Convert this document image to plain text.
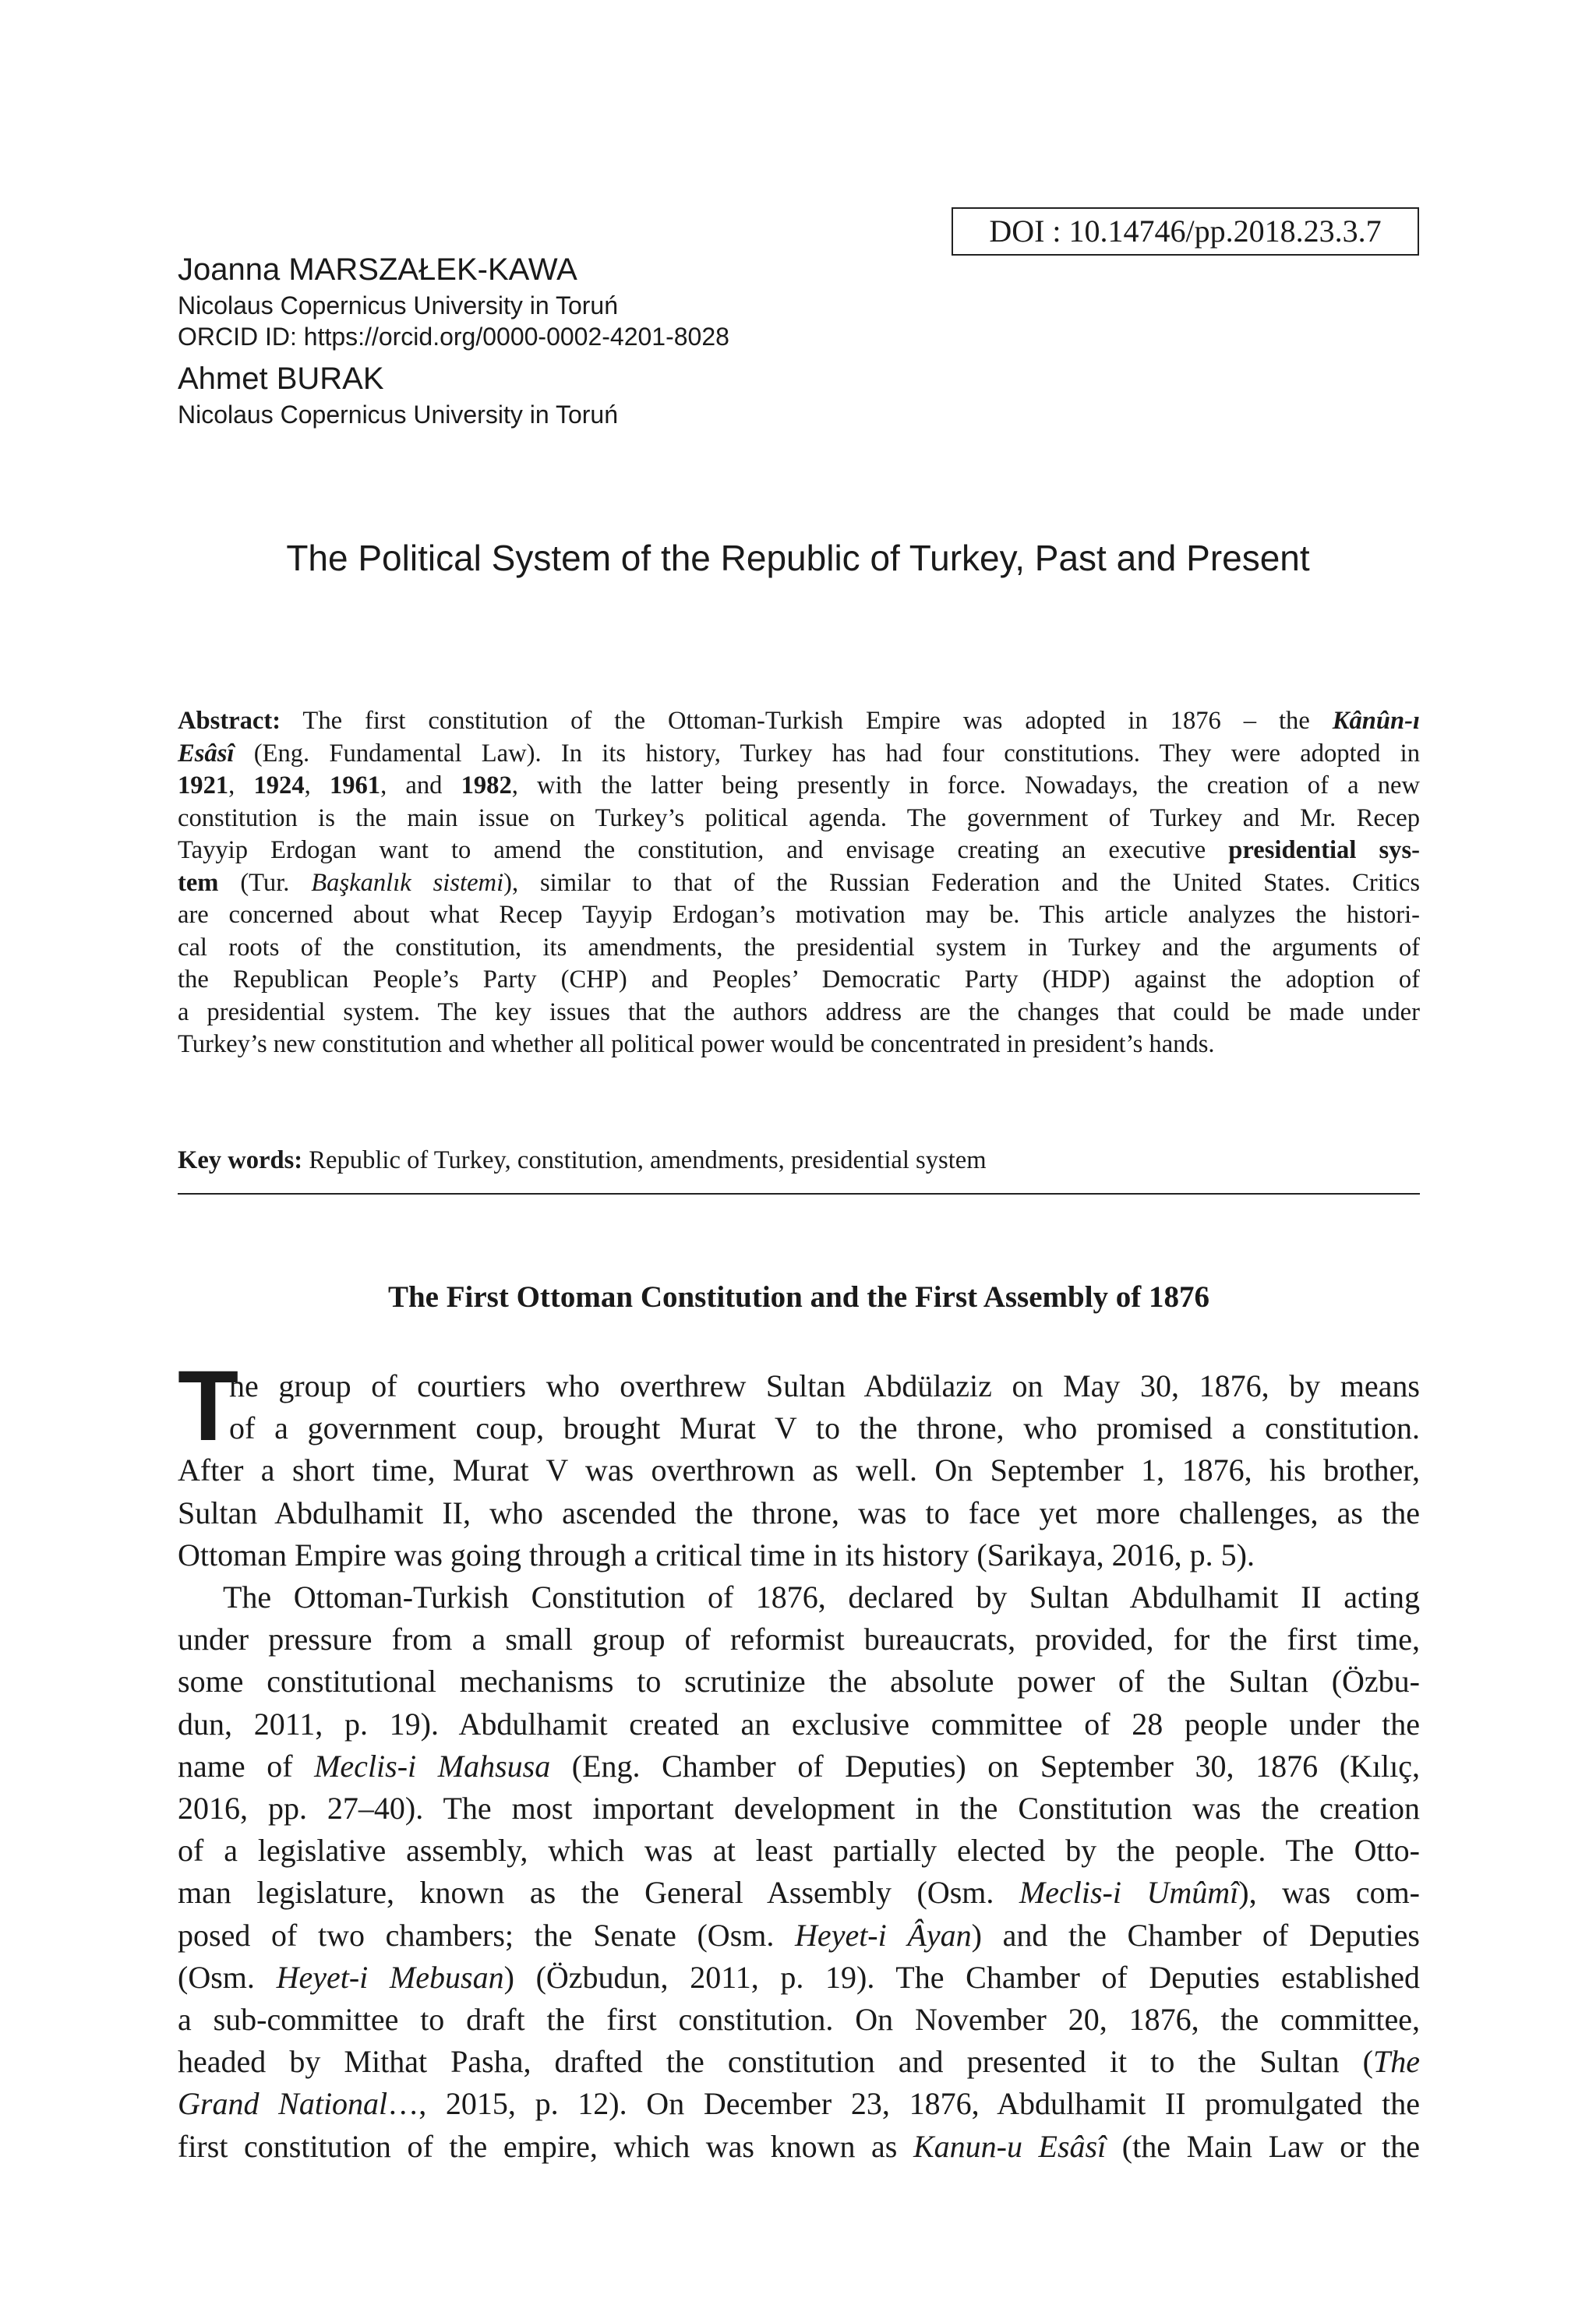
DOI : 10.14746/pp.2018.23.3.7

Joanna MARSZAŁEK-KAWA

Nicolaus Copernicus University in Toruń

ORCID ID: https://orcid.org/0000-0002-4201-8028

Ahmet BURAK

Nicolaus Copernicus University in Toruń

The Political System of the Republic of Turkey, Past and Present
Abstract: The first constitution of the Ottoman-Turkish Empire was adopted in 1876 – the Kânûn-ı
Esâsî (Eng. Fundamental Law). In its history, Turkey has had four constitutions. They were adopted in
1921, 1924, 1961, and 1982, with the latter being presently in force. Nowadays, the creation of a new
constitution is the main issue on Turkey’s political agenda. The government of Turkey and Mr. Recep
Tayyip Erdogan want to amend the constitution, and envisage creating an executive presidential sys-
tem (Tur. Başkanlık sistemi), similar to that of the Russian Federation and the United States. Critics
are concerned about what Recep Tayyip Erdogan’s motivation may be. This article analyzes the histori-
cal roots of the constitution, its amendments, the presidential system in Turkey and the arguments of
the Republican People’s Party (CHP) and Peoples’ Democratic Party (HDP) against the adoption of
a presidential system. The key issues that the authors address are the changes that could be made under
Turkey’s new constitution and whether all political power would be concentrated in president’s hands.

Key words: Republic of Turkey, constitution, amendments, presidential system

The First Ottoman Constitution and the First Assembly of 1876
T
he group of courtiers who overthrew Sultan Abdülaziz on May 30, 1876, by means
of a government coup, brought Murat V to the throne, who promised a constitution.
After a short time, Murat V was overthrown as well. On September 1, 1876, his brother,
Sultan Abdulhamit II, who ascended the throne, was to face yet more challenges, as the
Ottoman Empire was going through a critical time in its history (Sarikaya, 2016, p. 5).
The Ottoman-Turkish Constitution of 1876, declared by Sultan Abdulhamit II acting
under pressure from a small group of reformist bureaucrats, provided, for the first time,
some constitutional mechanisms to scrutinize the absolute power of the Sultan (Özbu-
dun, 2011, p. 19). Abdulhamit created an exclusive committee of 28 people under the
name of Meclis-i Mahsusa (Eng. Chamber of Deputies) on September 30, 1876 (Kılıç,
2016, pp. 27–40). The most important development in the Constitution was the creation
of a legislative assembly, which was at least partially elected by the people. The Otto-
man legislature, known as the General Assembly (Osm. Meclis-i Umûmî), was com-
posed of two chambers; the Senate (Osm. Heyet-i Âyan) and the Chamber of Deputies
(Osm. Heyet-i Mebusan) (Özbudun, 2011, p. 19). The Chamber of Deputies established
a sub-committee to draft the first constitution. On November 20, 1876, the committee,
headed by Mithat Pasha, drafted the constitution and presented it to the Sultan (The
Grand National…, 2015, p. 12). On December 23, 1876, Abdulhamit II promulgated the
first constitution of the empire, which was known as Kanun-u Esâsî (the Main Law or the
